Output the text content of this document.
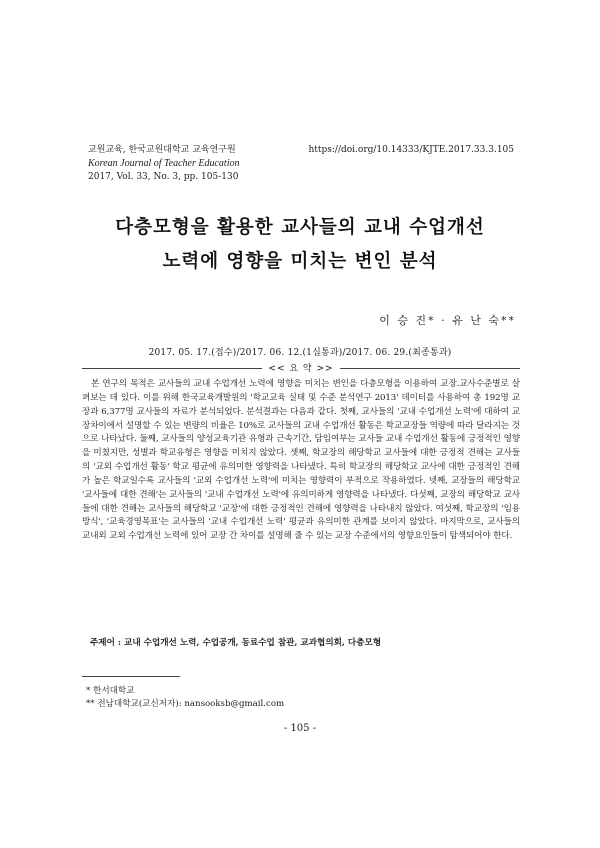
교원교육, 한국교원대학교 교육연구원
Korean Journal of Teacher Education
2017, Vol. 33, No. 3, pp. 105-130
https://doi.org/10.14333/KJTE.2017.33.3.105
다층모형을 활용한 교사들의 교내 수업개선
노력에 영향을 미치는 변인 분석
이 승 진* · 유 난 숙**
2017. 05. 17.(접수)/2017. 06. 12.(1심통과)/2017. 06. 29.(최종통과)
<< 요 약 >>

본 연구의 목적은 교사들의 교내 수업개선 노력에 영향을 미치는 변인을 다층모형을 이용하여 교장․교사수준별로 살펴보는 데 있다. 이를 위해 한국교육개발원의 '학교교육 실태 및 수준 분석연구 2013' 데이터를 사용하여 총 192명 교장과 6,377명 교사들의 자료가 분석되었다. 분석결과는 다음과 같다. 첫째, 교사들의 '교내 수업개선 노력'에 대하여 교장차이에서 설명할 수 있는 변량의 비율은 10%로 교사들의 교내 수업개선 활동은 학교교장들 역량에 따라 달라지는 것으로 나타났다. 둘째, 교사들의 양성교육기관 유형과 근속기간, 담임여부는 교사들 교내 수업개선 활동에 긍정적인 영향을 미쳤지만, 성별과 학교유형은 영향을 미치지 않았다. 셋째, 학교장의 해당학교 교사들에 대한 긍정적 견해는 교사들의 '교외 수업개선 활동' 학교 평균에 유의미한 영향력을 나타냈다. 특히 학교장의 해당학교 교사에 대한 긍정적인 견해가 높은 학교일수록 교사들의 '교외 수업개선 노력'에 미치는 영향력이 부적으로 작용하였다. 넷째, 교장들의 해당학교 '교사들에 대한 견해'는 교사들의 '교내 수업개선 노력'에 유의미하게 영향력을 나타냈다. 다섯째, 교장의 해당학교 교사들에 대한 견해는 교사들의 해당학교 '교장'에 대한 긍정적인 견해에 영향력을 나타내지 않았다. 여섯째, 학교장의 '임용방식', '교육경영목표'는 교사들의 '교내 수업개선 노력' 평균과 유의미한 관계를 보이지 않았다. 마지막으로, 교사들의 교내외 교외 수업개선 노력에 있어 교장 간 차이를 설명해 줄 수 있는 교장 수준에서의 영향요인들이 탐색되어야 한다.

주제어 : 교내 수업개선 노력, 수업공개, 동료수업 참관, 교과협의회, 다층모형
* 한서대학교
** 전남대학교(교신저자): nansooksb@gmail.com
- 105 -
